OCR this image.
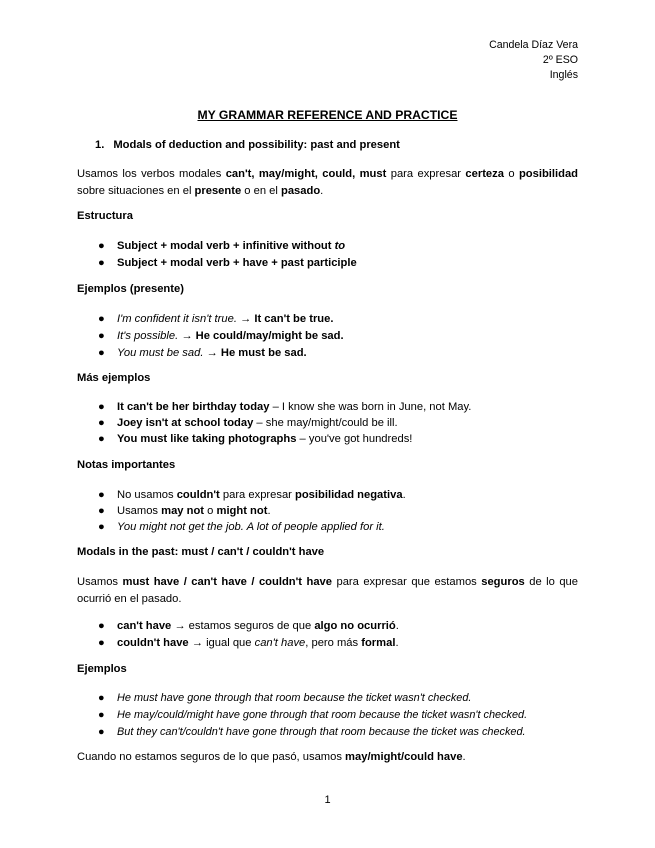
Candela Díaz Vera
2º ESO
Inglés
MY GRAMMAR REFERENCE AND PRACTICE
1. Modals of deduction and possibility: past and present
Usamos los verbos modales can't, may/might, could, must para expresar certeza o posibilidad sobre situaciones en el presente o en el pasado.
Estructura
● Subject + modal verb + infinitive without to
● Subject + modal verb + have + past participle
Ejemplos (presente)
● I'm confident it isn't true. → It can't be true.
● It's possible. → He could/may/might be sad.
● You must be sad. → He must be sad.
Más ejemplos
● It can't be her birthday today – I know she was born in June, not May.
● Joey isn't at school today – she may/might/could be ill.
● You must like taking photographs – you've got hundreds!
Notas importantes
● No usamos couldn't para expresar posibilidad negativa.
● Usamos may not o might not.
● You might not get the job. A lot of people applied for it.
Modals in the past: must / can't / couldn't have
Usamos must have / can't have / couldn't have para expresar que estamos seguros de lo que ocurrió en el pasado.
● can't have → estamos seguros de que algo no ocurrió.
● couldn't have → igual que can't have, pero más formal.
Ejemplos
● He must have gone through that room because the ticket wasn't checked.
● He may/could/might have gone through that room because the ticket wasn't checked.
● But they can't/couldn't have gone through that room because the ticket was checked.
Cuando no estamos seguros de lo que pasó, usamos may/might/could have.
1
